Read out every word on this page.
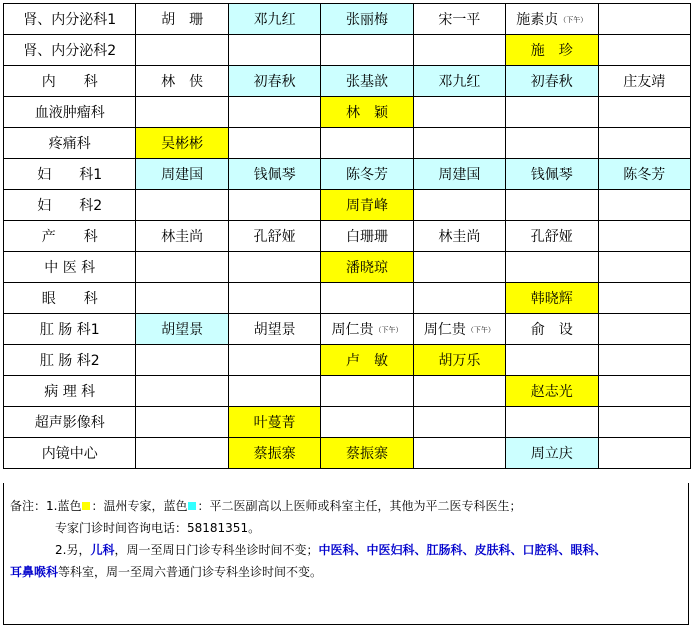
肾、内分泌科1	胡　珊	邓九红	张丽梅	宋一平	施素贞（下午）	
肾、内分泌科2					施　珍	
内　　科	林　侠	初春秋	张基歆	邓九红	初春秋	庄友靖
血液肿瘤科			林　颖			
疼痛科	吴彬彬					
妇　　科1	周建国	钱佩琴	陈冬芳	周建国	钱佩琴	陈冬芳
妇　　科2			周青峰			
产　　科	林圭尚	孔舒娅	白珊珊	林圭尚	孔舒娅	
中 医 科			潘晓琼			
眼　　科					韩晓辉	
肛 肠 科1	胡望景	胡望景	周仁贵（下午）	周仁贵（下午）	俞　设	
肛 肠 科2			卢　敏	胡万乐		
病 理 科					赵志光	
超声影像科		叶蔓菁				
内镜中心		蔡振寨	蔡振寨		周立庆	
备注：1.蓝色 ：温州专家，蓝色 ：平二医副高以上医师或科室主任，其他为平二医专科医生；
专家门诊时间咨询电话：58181351。
2.另，儿科，周一至周日门诊专科坐诊时间不变；中医科、中医妇科、肛肠科、皮肤科、口腔科、眼科、
耳鼻喉科等科室，周一至周六普通门诊专科坐诊时间不变。
